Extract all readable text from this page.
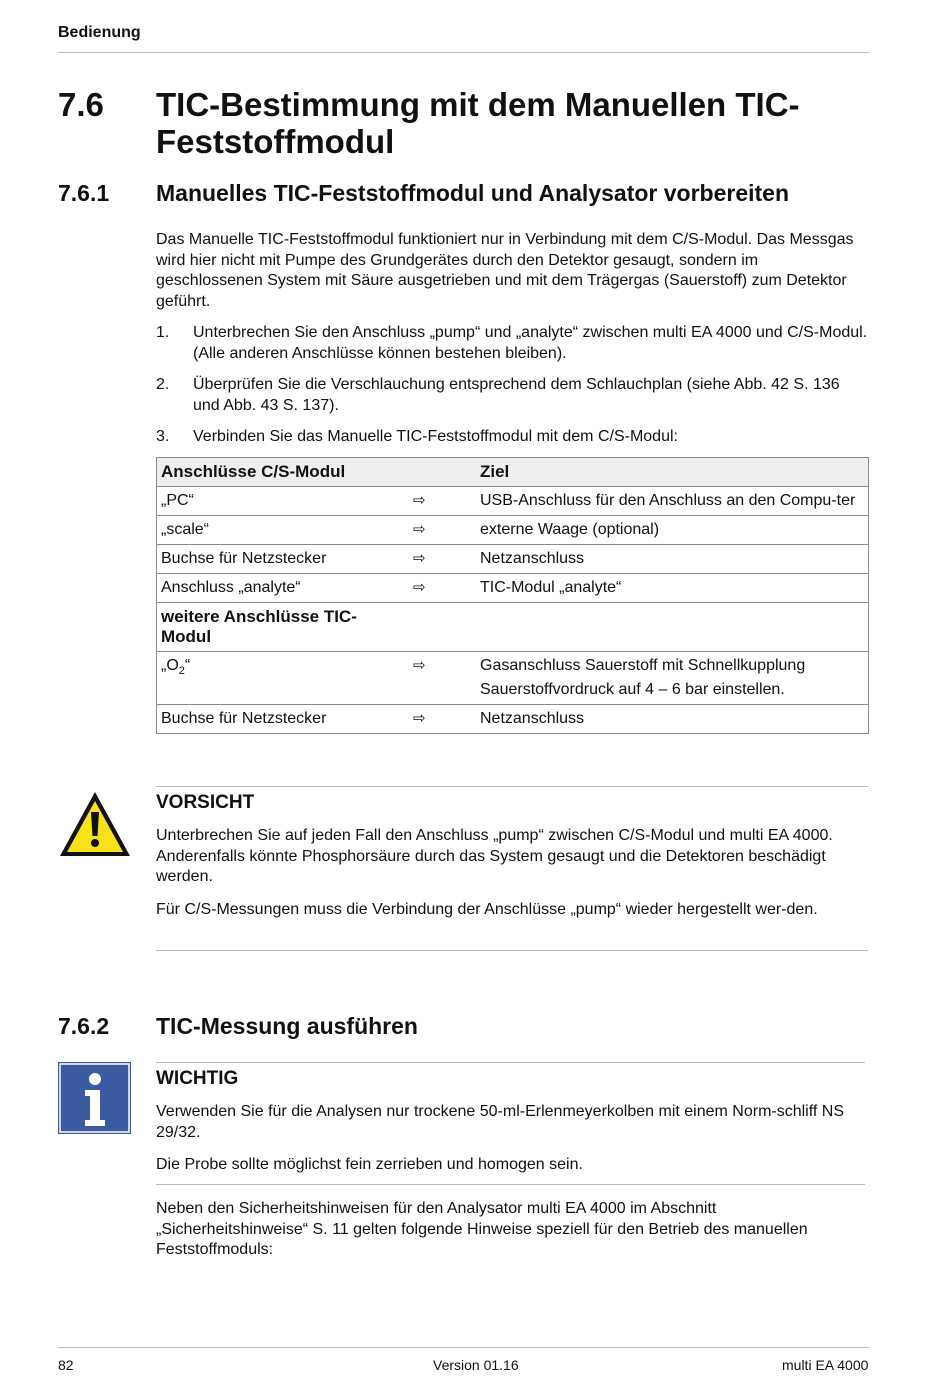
Bedienung
7.6 TIC-Bestimmung mit dem Manuellen TIC-Feststoffmodul
7.6.1 Manuelles TIC-Feststoffmodul und Analysator vorbereiten
Das Manuelle TIC-Feststoffmodul funktioniert nur in Verbindung mit dem C/S-Modul. Das Messgas wird hier nicht mit Pumpe des Grundgerätes durch den Detektor gesaugt, sondern im geschlossenen System mit Säure ausgetrieben und mit dem Trägergas (Sauerstoff) zum Detektor geführt.
1. Unterbrechen Sie den Anschluss „pump“ und „analyte“ zwischen multi EA 4000 und C/S-Modul. (Alle anderen Anschlüsse können bestehen bleiben).
2. Überprüfen Sie die Verschlauchung entsprechend dem Schlauchplan (siehe Abb. 42 S. 136 und Abb. 43 S. 137).
3. Verbinden Sie das Manuelle TIC-Feststoffmodul mit dem C/S-Modul:
Anschlüsse C/S-Modul		Ziel
„PC“	⇨	USB-Anschluss für den Anschluss an den Compu-ter
„scale“	⇨	externe Waage (optional)
Buchse für Netzstecker	⇨	Netzanschluss
Anschluss „analyte“	⇨	TIC-Modul „analyte“
weitere Anschlüsse TIC-Modul		
$„O_2“$	⇨	Gasanschluss Sauerstoff mit Schnellkupplung
Sauerstoffvordruck auf 4 – 6 bar einstellen.

Buchse für Netzstecker	⇨	Netzanschluss
VORSICHT
Unterbrechen Sie auf jeden Fall den Anschluss „pump“ zwischen C/S-Modul und multi EA 4000. Anderenfalls könnte Phosphorsäure durch das System gesaugt und die Detektoren beschädigt werden.
Für C/S-Messungen muss die Verbindung der Anschlüsse „pump“ wieder hergestellt wer-den.
7.6.2 TIC-Messung ausführen
WICHTIG
Verwenden Sie für die Analysen nur trockene 50-ml-Erlenmeyerkolben mit einem Norm-schliff NS 29/32.
Die Probe sollte möglichst fein zerrieben und homogen sein.
Neben den Sicherheitshinweisen für den Analysator multi EA 4000 im Abschnitt „Sicherheitshinweise“ S. 11 gelten folgende Hinweise speziell für den Betrieb des manuellen Feststoffmoduls:
82	Version 01.16	multi EA 4000
